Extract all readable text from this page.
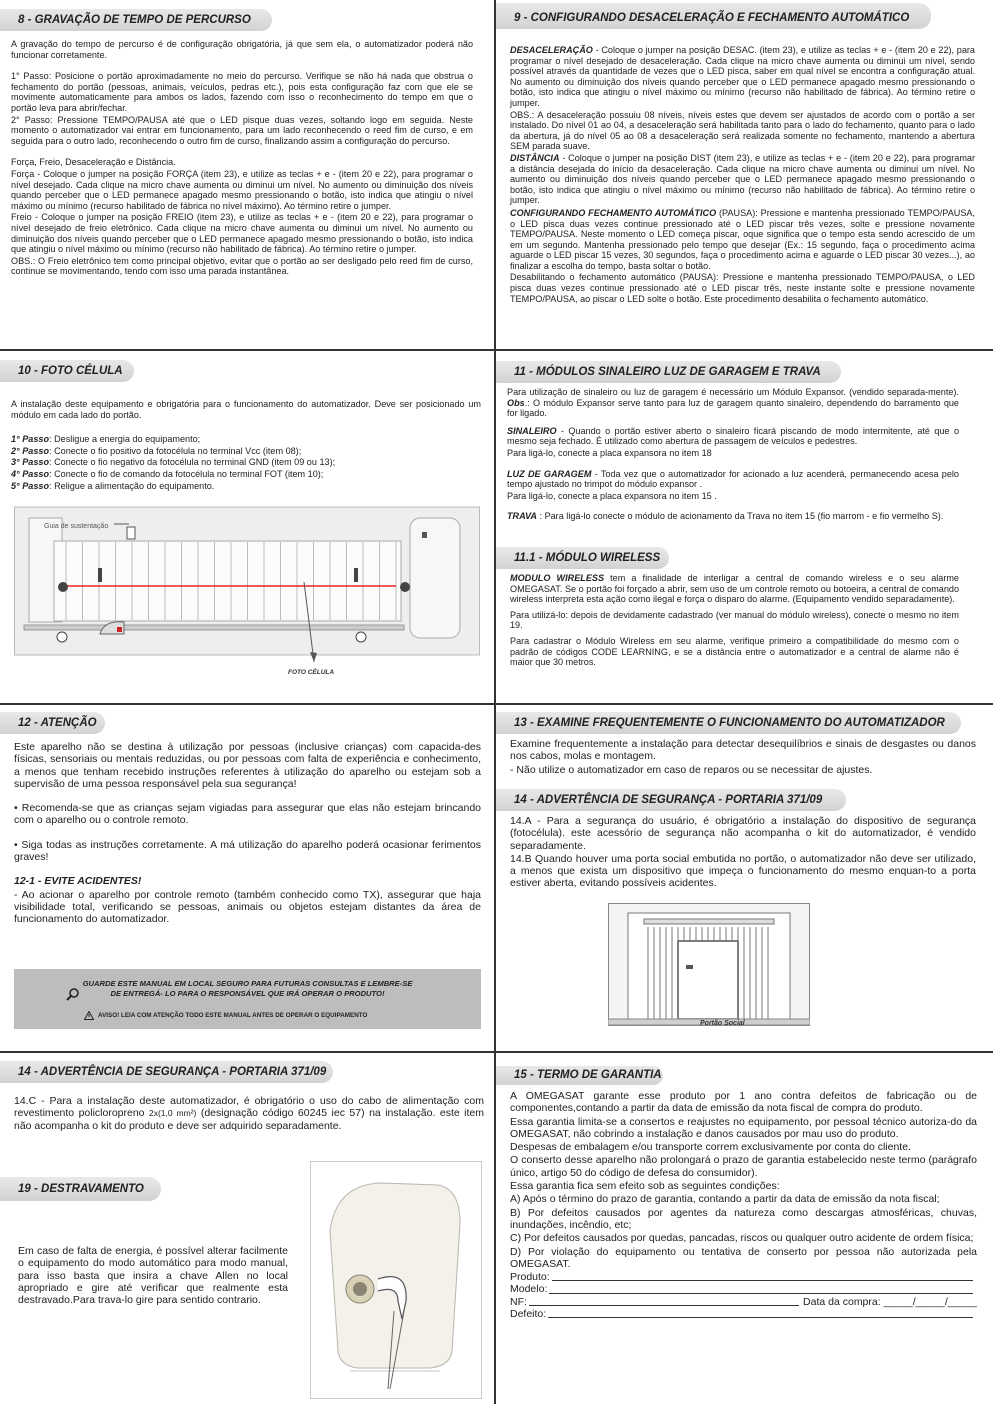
8 - GRAVAÇÃO DE TEMPO DE PERCURSO

A gravação do tempo de percurso é de configuração obrigatória, já que sem ela, o automatizador poderá não funcionar corretamente.

1° Passo: Posicione o portão aproximadamente no meio do percurso. Verifique se não há nada que obstrua o fechamento do portão (pessoas, animais, veículos, pedras etc.), pois esta configuração faz com que ele se movimente automaticamente para ambos os lados, fazendo com isso o reconhecimento do tempo em que o portão leva para abrir/fechar.

2° Passo: Pressione TEMPO/PAUSA até que o LED pisque duas vezes, soltando logo em seguida. Neste momento o automatizador vai entrar em funcionamento, para um lado reconhecendo o reed fim de curso, e em seguida para o outro lado, reconhecendo o outro fim de curso, finalizando assim a configuração do percurso.

Força, Freio, Desaceleração e Distância.

Força - Coloque o jumper na posição FORÇA (item 23), e utilize as teclas + e - (item 20 e 22), para programar o nível desejado. Cada clique na micro chave aumenta ou diminui um nível. No aumento ou diminuição dos níveis quando perceber que o LED permanece apagado mesmo pressionando o botão, isto indica que atingiu o nível máximo ou mínimo (recurso habilitado de fábrica no nível máximo). Ao término retire o jumper.

Freio - Coloque o jumper na posição FREIO (item 23), e utilize as teclas + e - (item 20 e 22), para programar o nível desejado de freio eletrônico. Cada clique na micro chave aumenta ou diminui um nível. No aumento ou diminuição dos níveis quando perceber que o LED permanece apagado mesmo pressionando o botão, isto indica que atingiu o nível máximo ou mínimo (recurso não habilitado de fábrica). Ao término retire o jumper.

OBS.: O Freio eletrônico tem como principal objetivo, evitar que o portão ao ser desligado pelo reed fim de curso, continue se movimentando, tendo com isso uma parada instantânea.

9 - CONFIGURANDO DESACELERAÇÃO E FECHAMENTO AUTOMÁTICO

DESACELERAÇÃO - Coloque o jumper na posição DESAC. (item 23), e utilize as teclas + e - (item 20 e 22), para programar o nível desejado de desaceleração. Cada clique na micro chave aumenta ou diminui um nível, sendo possível através da quantidade de vezes que o LED pisca, saber em qual nível se encontra a configuração atual. No aumento ou diminuição dos níveis quando perceber que o LED permanece apagado mesmo pressionando o botão, isto indica que atingiu o nível máximo ou mínimo (recurso não habilitado de fábrica). Ao término retire o jumper.

OBS.: A desaceleração possuiu 08 níveis, níveis estes que devem ser ajustados de acordo com o portão a ser instalado. Do nível 01 ao 04, a desaceleração será habilitada tanto para o lado do fechamento, quanto para o lado da abertura, já do nível 05 ao 08 a desaceleração será realizada somente no fechamento, mantendo a abertura SEM parada suave.

DISTÂNCIA - Coloque o jumper na posição DIST (item 23), e utilize as teclas + e - (item 20 e 22), para programar a distância desejada do início da desaceleração. Cada clique na micro chave aumenta ou diminui um nível. No aumento ou diminuição dos níveis quando perceber que o LED permanece apagado mesmo pressionando o botão, isto indica que atingiu o nível máximo ou mínimo (recurso não habilitado de fábrica). Ao término retire o jumper.

CONFIGURANDO FECHAMENTO AUTOMÁTICO (PAUSA): Pressione e mantenha pressionado TEMPO/PAUSA, o LED pisca duas vezes continue pressionado até o LED piscar três vezes, solte e pressione novamente TEMPO/PAUSA. Neste momento o LED começa piscar, oque significa que o tempo esta sendo acrescido de um em um segundo. Mantenha pressionado pelo tempo que desejar (Ex.: 15 segundo, faça o procedimento acima aguarde o LED piscar 15 vezes, 30 segundos, faça o procedimento acima e aguarde o LED piscar 30 vezes...), ao finalizar a escolha do tempo, basta soltar o botão.

Desabilitando o fechamento automático (PAUSA): Pressione e mantenha pressionado TEMPO/PAUSA, o LED pisca duas vezes continue pressionado até o LED piscar três, neste instante solte e pressione novamente TEMPO/PAUSA, ao piscar o LED solte o botão. Este procedimento desabilita o fechamento automático.

10 - FOTO CÉLULA

A instalação deste equipamento e obrigatória para o funcionamento do automatizador. Deve ser posicionado um módulo em cada lado do portão.

1° Passo: Desligue a energia do equipamento;

2° Passo: Conecte o fio positivo da fotocélula no terminal Vcc (item 08);

3° Passo: Conecte o fio negativo da fotocélula no terminal GND (item 09 ou 13);

4° Passo: Conecte o fio de comando da fotocélula no terminal FOT (item 10);

5° Passo: Religue a alimentação do equipamento.

Guia de sustentação
FOTO CÉLULA
11 - MÓDULOS SINALEIRO LUZ DE GARAGEM E TRAVA

Para utilização de sinaleiro ou luz de garagem é necessário um Módulo Expansor. (vendido separada-mente). Obs.: O módulo Expansor serve tanto para luz de garagem quanto sinaleiro, dependendo do barramento que for ligado.

SINALEIRO - Quando o portão estiver aberto o sinaleiro ficará piscando de modo intermitente, até que o mesmo seja fechado. É utilizado como abertura de passagem de veículos e pedestres.

Para ligá-lo, conecte a placa expansora no item 18

LUZ DE GARAGEM - Toda vez que o automatizador for acionado a luz acenderá, permanecendo acesa pelo tempo ajustado no trimpot do módulo expansor .

Para ligá-lo, conecte a placa expansora no item 15 .

TRAVA : Para ligá-lo conecte o módulo de acionamento da Trava no item 15 (fio marrom - e fio vermelho S).

11.1 - MÓDULO WIRELESS

MODULO WIRELESS tem a finalidade de interligar a central de comando wireless e o seu alarme OMEGASAT. Se o portão foi forçado a abrir, sem uso de um controle remoto ou botoeira, a central de comando wireless interpreta esta ação como ilegal e força o disparo do alarme. (Equipamento vendido separadamente).

Para utilizá-lo: depois de devidamente cadastrado (ver manual do módulo wireless), conecte o mesmo no item 19.

Para cadastrar o Módulo Wireless em seu alarme, verifique primeiro a compatibilidade do mesmo com o padrão de códigos CODE LEARNING, e se a distância entre o automatizador e a central de alarme não é maior que 30 metros.

12 - ATENÇÃO

Este aparelho não se destina à utilização por pessoas (inclusive crianças) com capacida-des físicas, sensoriais ou mentais reduzidas, ou por pessoas com falta de experiência e conhecimento, a menos que tenham recebido instruções referentes à utilização do aparelho ou estejam sob a supervisão de uma pessoa responsável pela sua segurança!

• Recomenda-se que as crianças sejam vigiadas para assegurar que elas não estejam brincando com o aparelho ou o controle remoto.

• Siga todas as instruções corretamente. A má utilização do aparelho poderá ocasionar ferimentos graves!

12-1 - EVITE ACIDENTES!

- Ao acionar o aparelho por controle remoto (também conhecido como TX), assegurar que haja visibilidade total, verificando se pessoas, animais ou objetos estejam distantes da área de funcionamento do automatizador.

GUARDE ESTE MANUAL EM LOCAL SEGURO PARA FUTURAS CONSULTAS E LEMBRE-SE
DE ENTREGÁ- LO PARA O RESPONSÁVEL QUE IRÁ OPERAR O PRODUTO!
AVISO! LEIA COM ATENÇÃO TODO ESTE MANUAL ANTES DE OPERAR O EQUIPAMENTO
13 - EXAMINE FREQUENTEMENTE O FUNCIONAMENTO DO AUTOMATIZADOR

Examine frequentemente a instalação para detectar desequilíbrios e sinais de desgastes ou danos nos cabos, molas e montagem.

- Não utilize o automatizador em caso de reparos ou se necessitar de ajustes.

14 - ADVERTÊNCIA DE SEGURANÇA - PORTARIA 371/09

14.A - Para a segurança do usuário, é obrigatório a instalação do dispositivo de segurança (fotocélula). este acessório de segurança não acompanha o kit do automatizador, é vendido separadamente.

14.B Quando houver uma porta social embutida no portão, o automatizador não deve ser utilizado, a menos que exista um dispositivo que impeça o funcionamento do mesmo enquan-to a porta estiver aberta, evitando possíveis acidentes.

Portão Social
14 - ADVERTÊNCIA DE SEGURANÇA - PORTARIA 371/09

14.C - Para a instalação deste automatizador, é obrigatório o uso do cabo de alimentação com revestimento policloropreno 2x(1,0 mm²) (designação código 60245 iec 57) na instalação. este item não acompanha o kit do produto e deve ser adquirido separadamente.

19 - DESTRAVAMENTO

Em caso de falta de energia, é possível alterar facilmente o equipamento do modo automático para modo manual, para isso basta que insira a chave Allen no local apropriado e gire até verificar que realmente esta destravado.Para trava-lo gire para sentido contrario.

15 - TERMO DE GARANTIA

A OMEGASAT garante esse produto por 1 ano contra defeitos de fabricação ou de componentes,contando a partir da data de emissão da nota fiscal de compra do produto.

Essa garantia limita-se a consertos e reajustes no equipamento, por pessoal técnico autoriza-do da OMEGASAT, não cobrindo a instalação e danos causados por mau uso do produto.

Despesas de embalagem e/ou transporte correm exclusivamente por conta do cliente.

O conserto desse aparelho não prolongará o prazo de garantia estabelecido neste termo (parágrafo único, artigo 50 do código de defesa do consumidor).

Essa garantia fica sem efeito sob as seguintes condições:

A) Após o término do prazo de garantia, contando a partir da data de emissão da nota fiscal;

B) Por defeitos causados por agentes da natureza como descargas atmosféricas, chuvas, inundações, incêndio, etc;

C) Por defeitos causados por quedas, pancadas, riscos ou qualquer outro acidente de ordem física;

D) Por violação do equipamento ou tentativa de conserto por pessoa não autorizada pela OMEGASAT.

Produto:
Modelo:
NF:	Data da compra: _____/_____/_____
Defeito:
